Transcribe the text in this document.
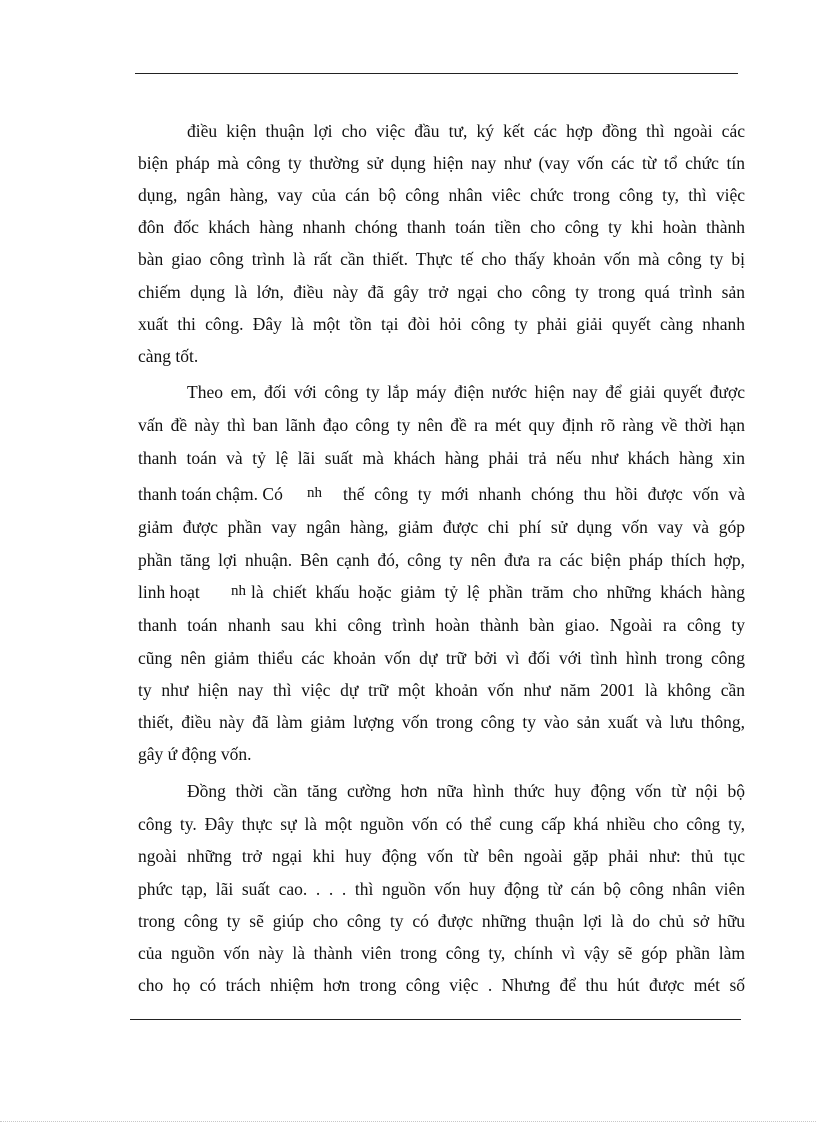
điều kiện thuận lợi cho việc đầu tư, ký kết các hợp đồng thì ngoài các
biện pháp mà công ty thường sử dụng hiện nay như (vay vốn các từ tổ chức tín
dụng, ngân hàng, vay của cán bộ công nhân viêc chức trong công ty, thì việc
đôn đốc khách hàng nhanh chóng thanh toán tiền cho công ty khi hoàn thành
bàn giao công trình là rất cần thiết. Thực tế cho thấy khoản vốn mà công ty bị
chiếm dụng là lớn, điều này đã gây trở ngại cho công ty trong quá trình sản
xuất thi công. Đây là một tồn tại đòi hỏi công ty phải giải quyết càng nhanh
càng tốt.
Theo em, đối với công ty lắp máy điện nước hiện nay để giải quyết được
vấn đề này thì ban lãnh đạo công ty nên đề ra mét quy định rõ ràng về thời hạn
thanh toán và tỷ lệ lãi suất mà khách hàng phải trả nếu như khách hàng xin
thanh toán chậm. Có nh thế công ty mới nhanh chóng thu hồi được vốn và
giảm được phần vay ngân hàng, giảm được chi phí sử dụng vốn vay và góp
phần tăng lợi nhuận. Bên cạnh đó, công ty nên đưa ra các biện pháp thích hợp,
linh hoạt nh là chiết khấu hoặc giảm tỷ lệ phần trăm cho những khách hàng
thanh toán nhanh sau khi công trình hoàn thành bàn giao. Ngoài ra công ty
cũng nên giảm thiểu các khoản vốn dự trữ bởi vì đối với tình hình trong công
ty như hiện nay thì việc dự trữ một khoản vốn như năm 2001 là không cần
thiết, điều này đã làm giảm lượng vốn trong công ty vào sản xuất và lưu thông,
gây ứ động vốn.
Đồng thời cần tăng cường hơn nữa hình thức huy động vốn từ nội bộ
công ty. Đây thực sự là một nguồn vốn có thể cung cấp khá nhiều cho công ty,
ngoài những trở ngại khi huy động vốn từ bên ngoài gặp phải như: thủ tục
phức tạp, lãi suất cao. . . . thì nguồn vốn huy động từ cán bộ công nhân viên
trong công ty sẽ giúp cho công ty có được những thuận lợi là do chủ sở hữu
của nguồn vốn này là thành viên trong công ty, chính vì vậy sẽ góp phần làm
cho họ có trách nhiệm hơn trong công việc . Nhưng để thu hút được mét số
